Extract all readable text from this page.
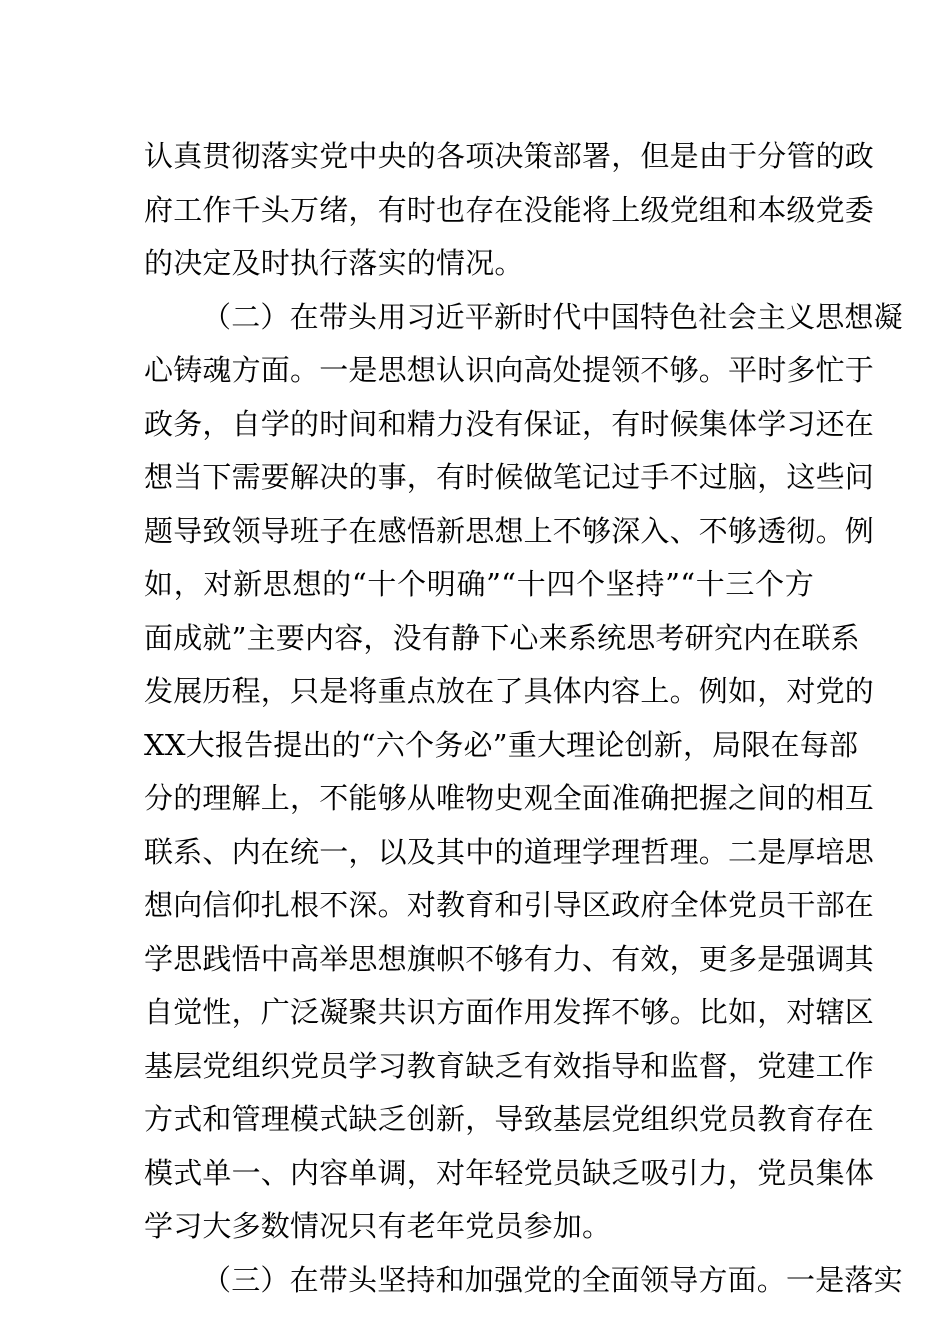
认真贯彻落实党中央的各项决策部署，但是由于分管的政
府工作千头万绪，有时也存在没能将上级党组和本级党委
的决定及时执行落实的情况。
（二）在带头用习近平新时代中国特色社会主义思想凝
心铸魂方面。一是思想认识向高处提领不够。平时多忙于
政务，自学的时间和精力没有保证，有时候集体学习还在
想当下需要解决的事，有时候做笔记过手不过脑，这些问
题导致领导班子在感悟新思想上不够深入、不够透彻。例
如，对新思想的“十个明确”“十四个坚持”“十三个方
面成就”主要内容，没有静下心来系统思考研究内在联系
发展历程，只是将重点放在了具体内容上。例如，对党的
XX大报告提出的“六个务必”重大理论创新，局限在每部
分的理解上，不能够从唯物史观全面准确把握之间的相互
联系、内在统一，以及其中的道理学理哲理。二是厚培思
想向信仰扎根不深。对教育和引导区政府全体党员干部在
学思践悟中高举思想旗帜不够有力、有效，更多是强调其
自觉性，广泛凝聚共识方面作用发挥不够。比如，对辖区
基层党组织党员学习教育缺乏有效指导和监督，党建工作
方式和管理模式缺乏创新，导致基层党组织党员教育存在
模式单一、内容单调，对年轻党员缺乏吸引力，党员集体
学习大多数情况只有老年党员参加。
（三）在带头坚持和加强党的全面领导方面。一是落实
